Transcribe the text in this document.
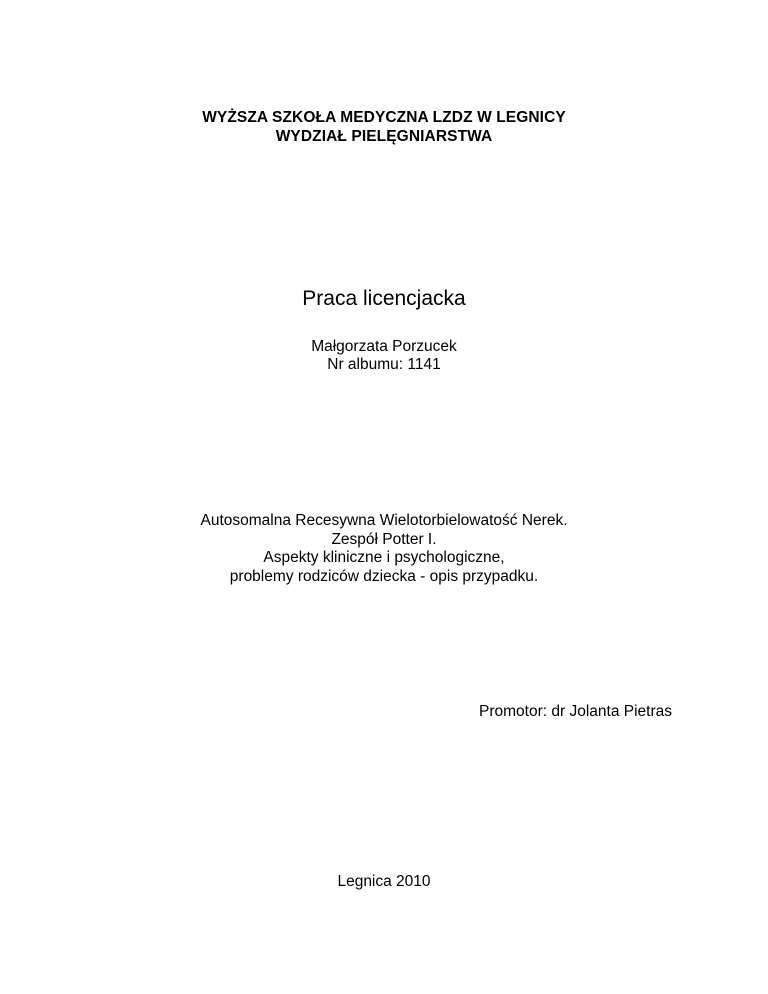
WYŻSZA SZKOŁA MEDYCZNA LZDZ W LEGNICY
WYDZIAŁ PIELĘGNIARSTWA
Praca licencjacka
Małgorzata Porzucek
Nr albumu: 1141
Autosomalna Recesywna Wielotorbielowatość Nerek.
Zespół Potter I.
Aspekty kliniczne i psychologiczne,
problemy rodziców dziecka - opis przypadku.
Promotor: dr Jolanta Pietras
Legnica 2010
